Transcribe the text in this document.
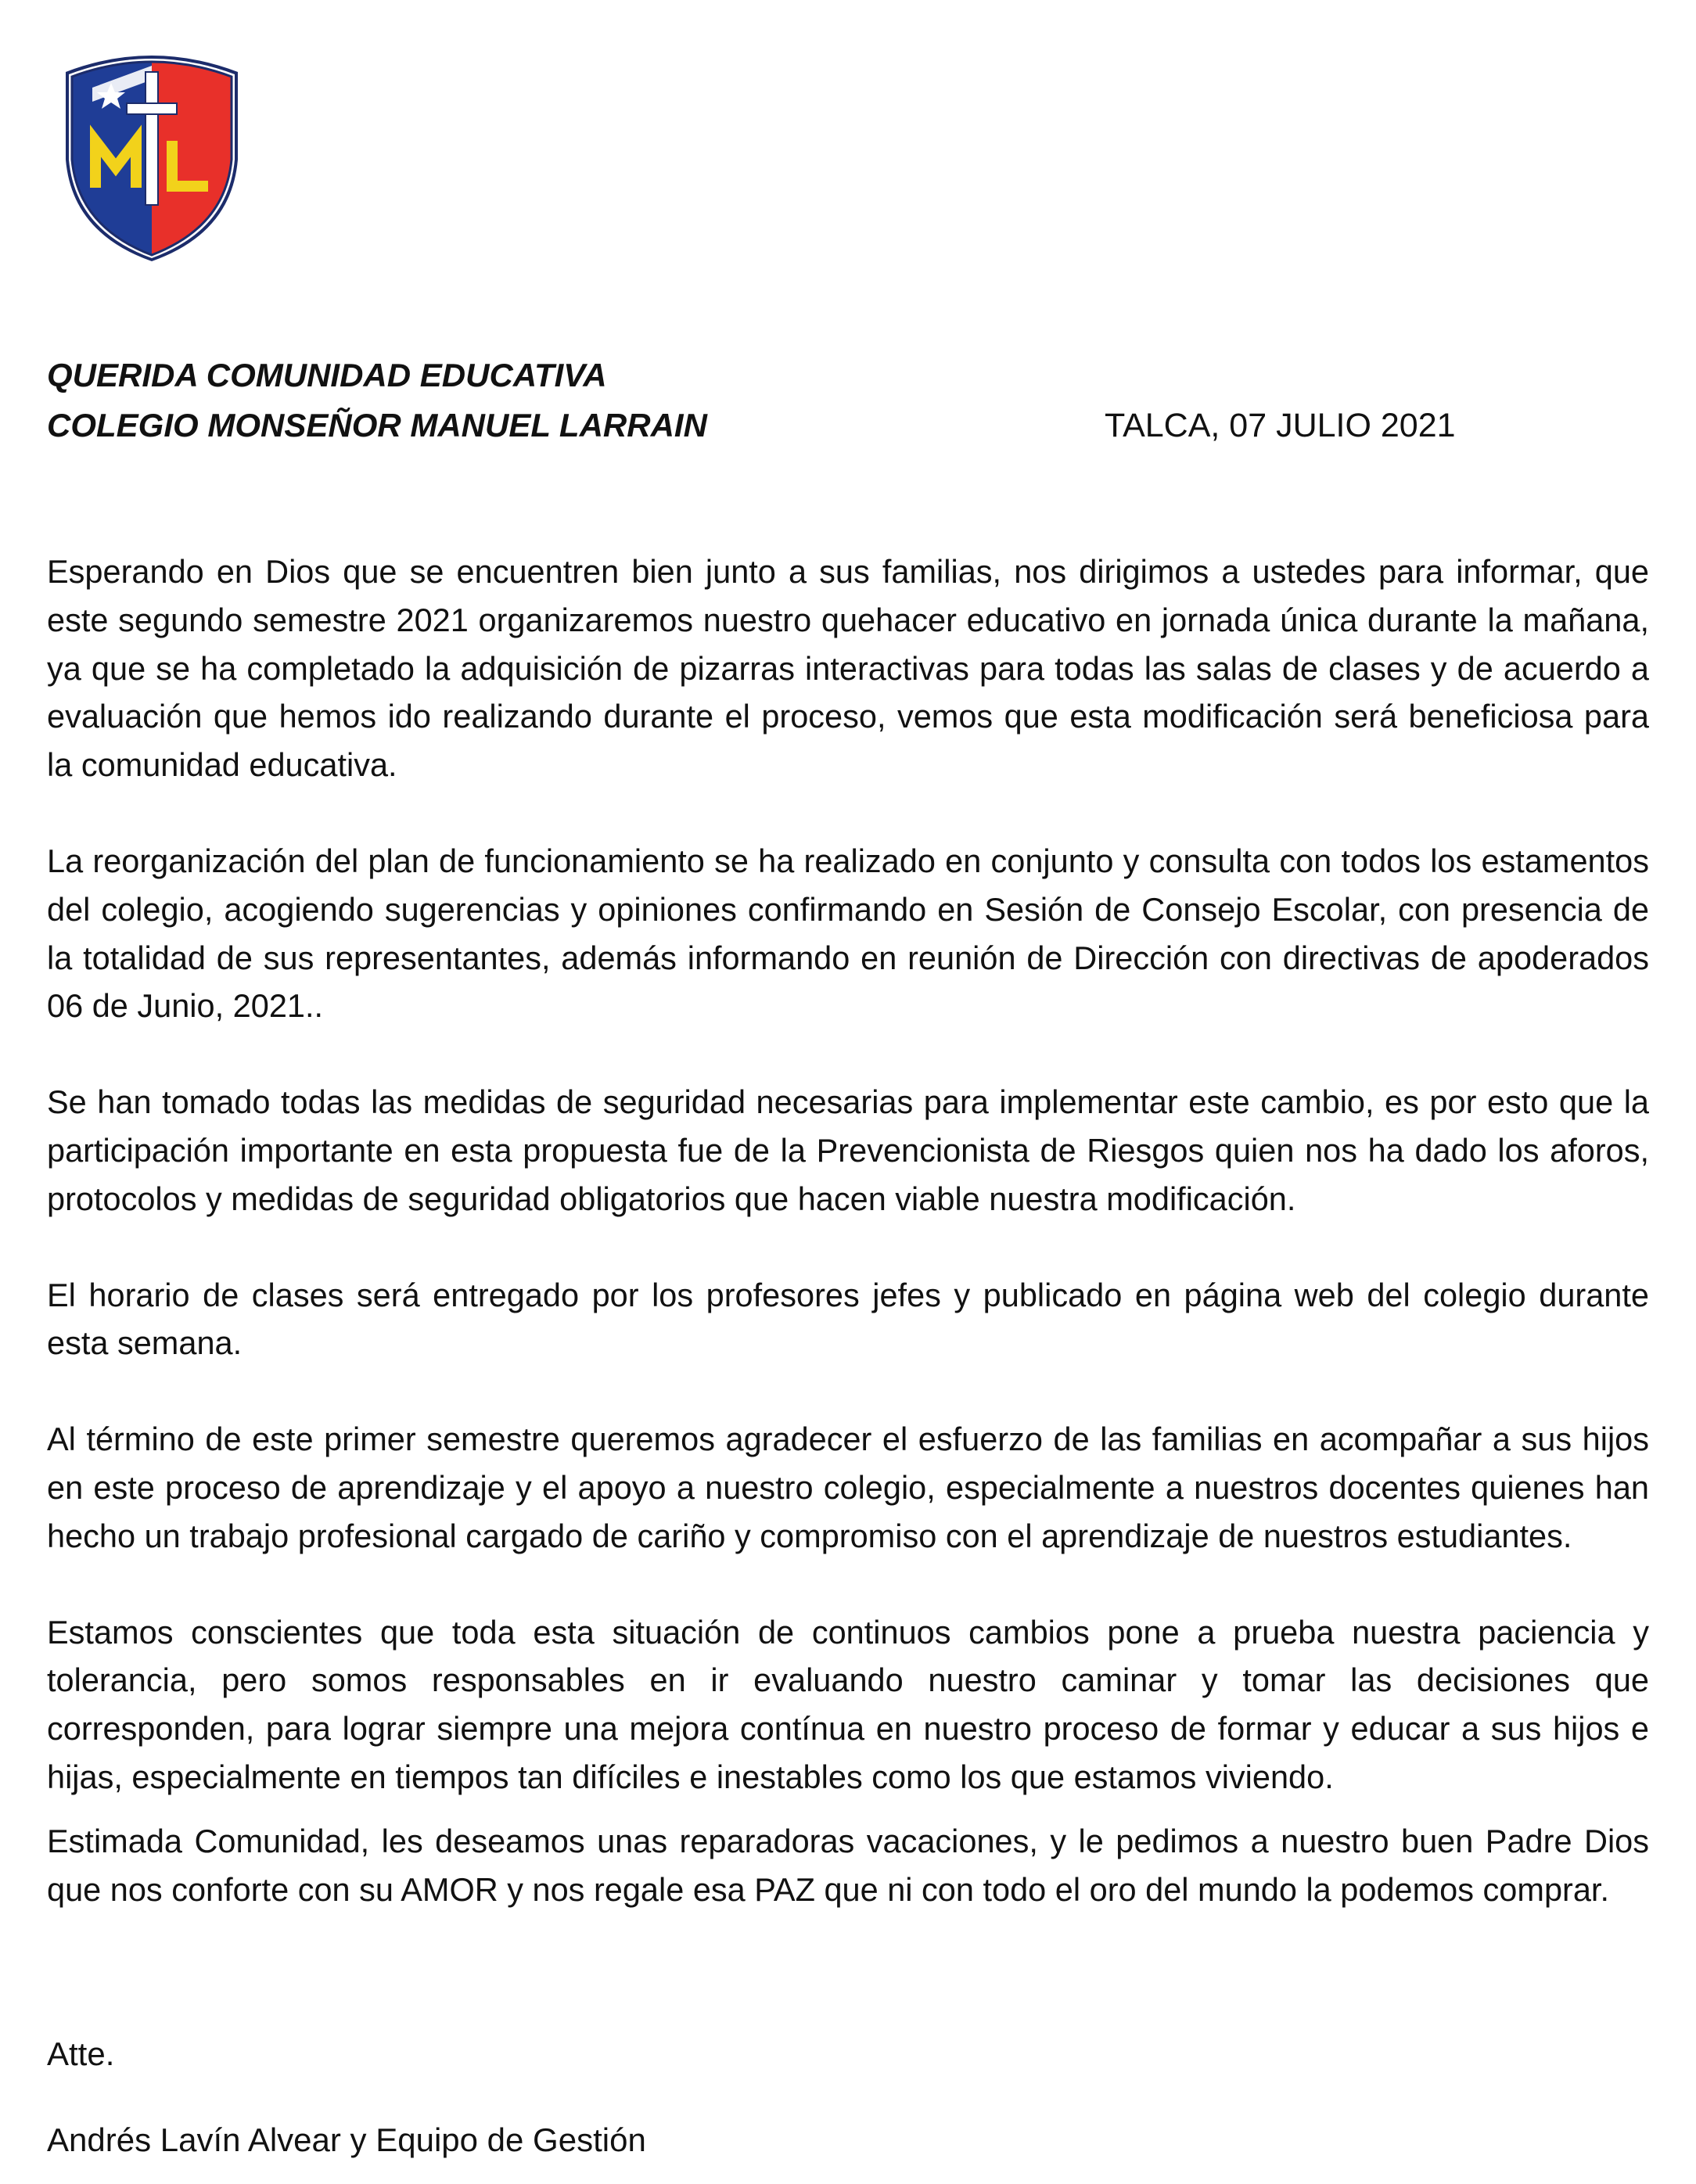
QUERIDA COMUNIDAD EDUCATIVA
COLEGIO MONSEÑOR MANUEL LARRAIN	TALCA, 07 JULIO 2021

Esperando en Dios que se encuentren bien junto a sus familias, nos dirigimos a ustedes para informar, que este segundo semestre 2021 organizaremos nuestro quehacer educativo en jornada única durante la mañana, ya que se ha completado la adquisición de pizarras interactivas para todas las salas de clases y de acuerdo a evaluación que hemos ido realizando durante el proceso, vemos que esta modificación será beneficiosa para la comunidad educativa.

La reorganización del plan de funcionamiento se ha realizado en conjunto y consulta con todos los estamentos del colegio, acogiendo sugerencias y opiniones confirmando en Sesión de Consejo Escolar, con presencia de la totalidad de sus representantes, además informando en reunión de Dirección con directivas de apoderados 06 de Junio, 2021..

Se han tomado todas las medidas de seguridad necesarias para implementar este cambio, es por esto que la participación importante en esta propuesta fue de la Prevencionista de Riesgos quien nos ha dado los aforos, protocolos y medidas de seguridad obligatorios que hacen viable nuestra modificación.

El horario de clases será entregado por los profesores jefes y publicado en página web del colegio durante esta semana.

Al término de este primer semestre queremos agradecer el esfuerzo de las familias en acompañar a sus hijos en este proceso de aprendizaje y el apoyo a nuestro colegio, especialmente a nuestros docentes quienes han hecho un trabajo profesional cargado de cariño y compromiso con el aprendizaje de nuestros estudiantes.

Estamos conscientes que toda esta situación de continuos cambios pone a prueba nuestra paciencia y tolerancia, pero somos responsables en ir evaluando nuestro caminar y tomar las decisiones que corresponden, para lograr siempre una mejora contínua en nuestro proceso de formar y educar a sus hijos e hijas, especialmente en tiempos tan difíciles e inestables como los que estamos viviendo.

Estimada Comunidad, les deseamos unas reparadoras vacaciones, y le pedimos a nuestro buen Padre Dios que nos conforte con su AMOR y nos regale esa PAZ que ni con todo el oro del mundo la podemos comprar.

Atte.
Andrés Lavín Alvear y Equipo de Gestión
